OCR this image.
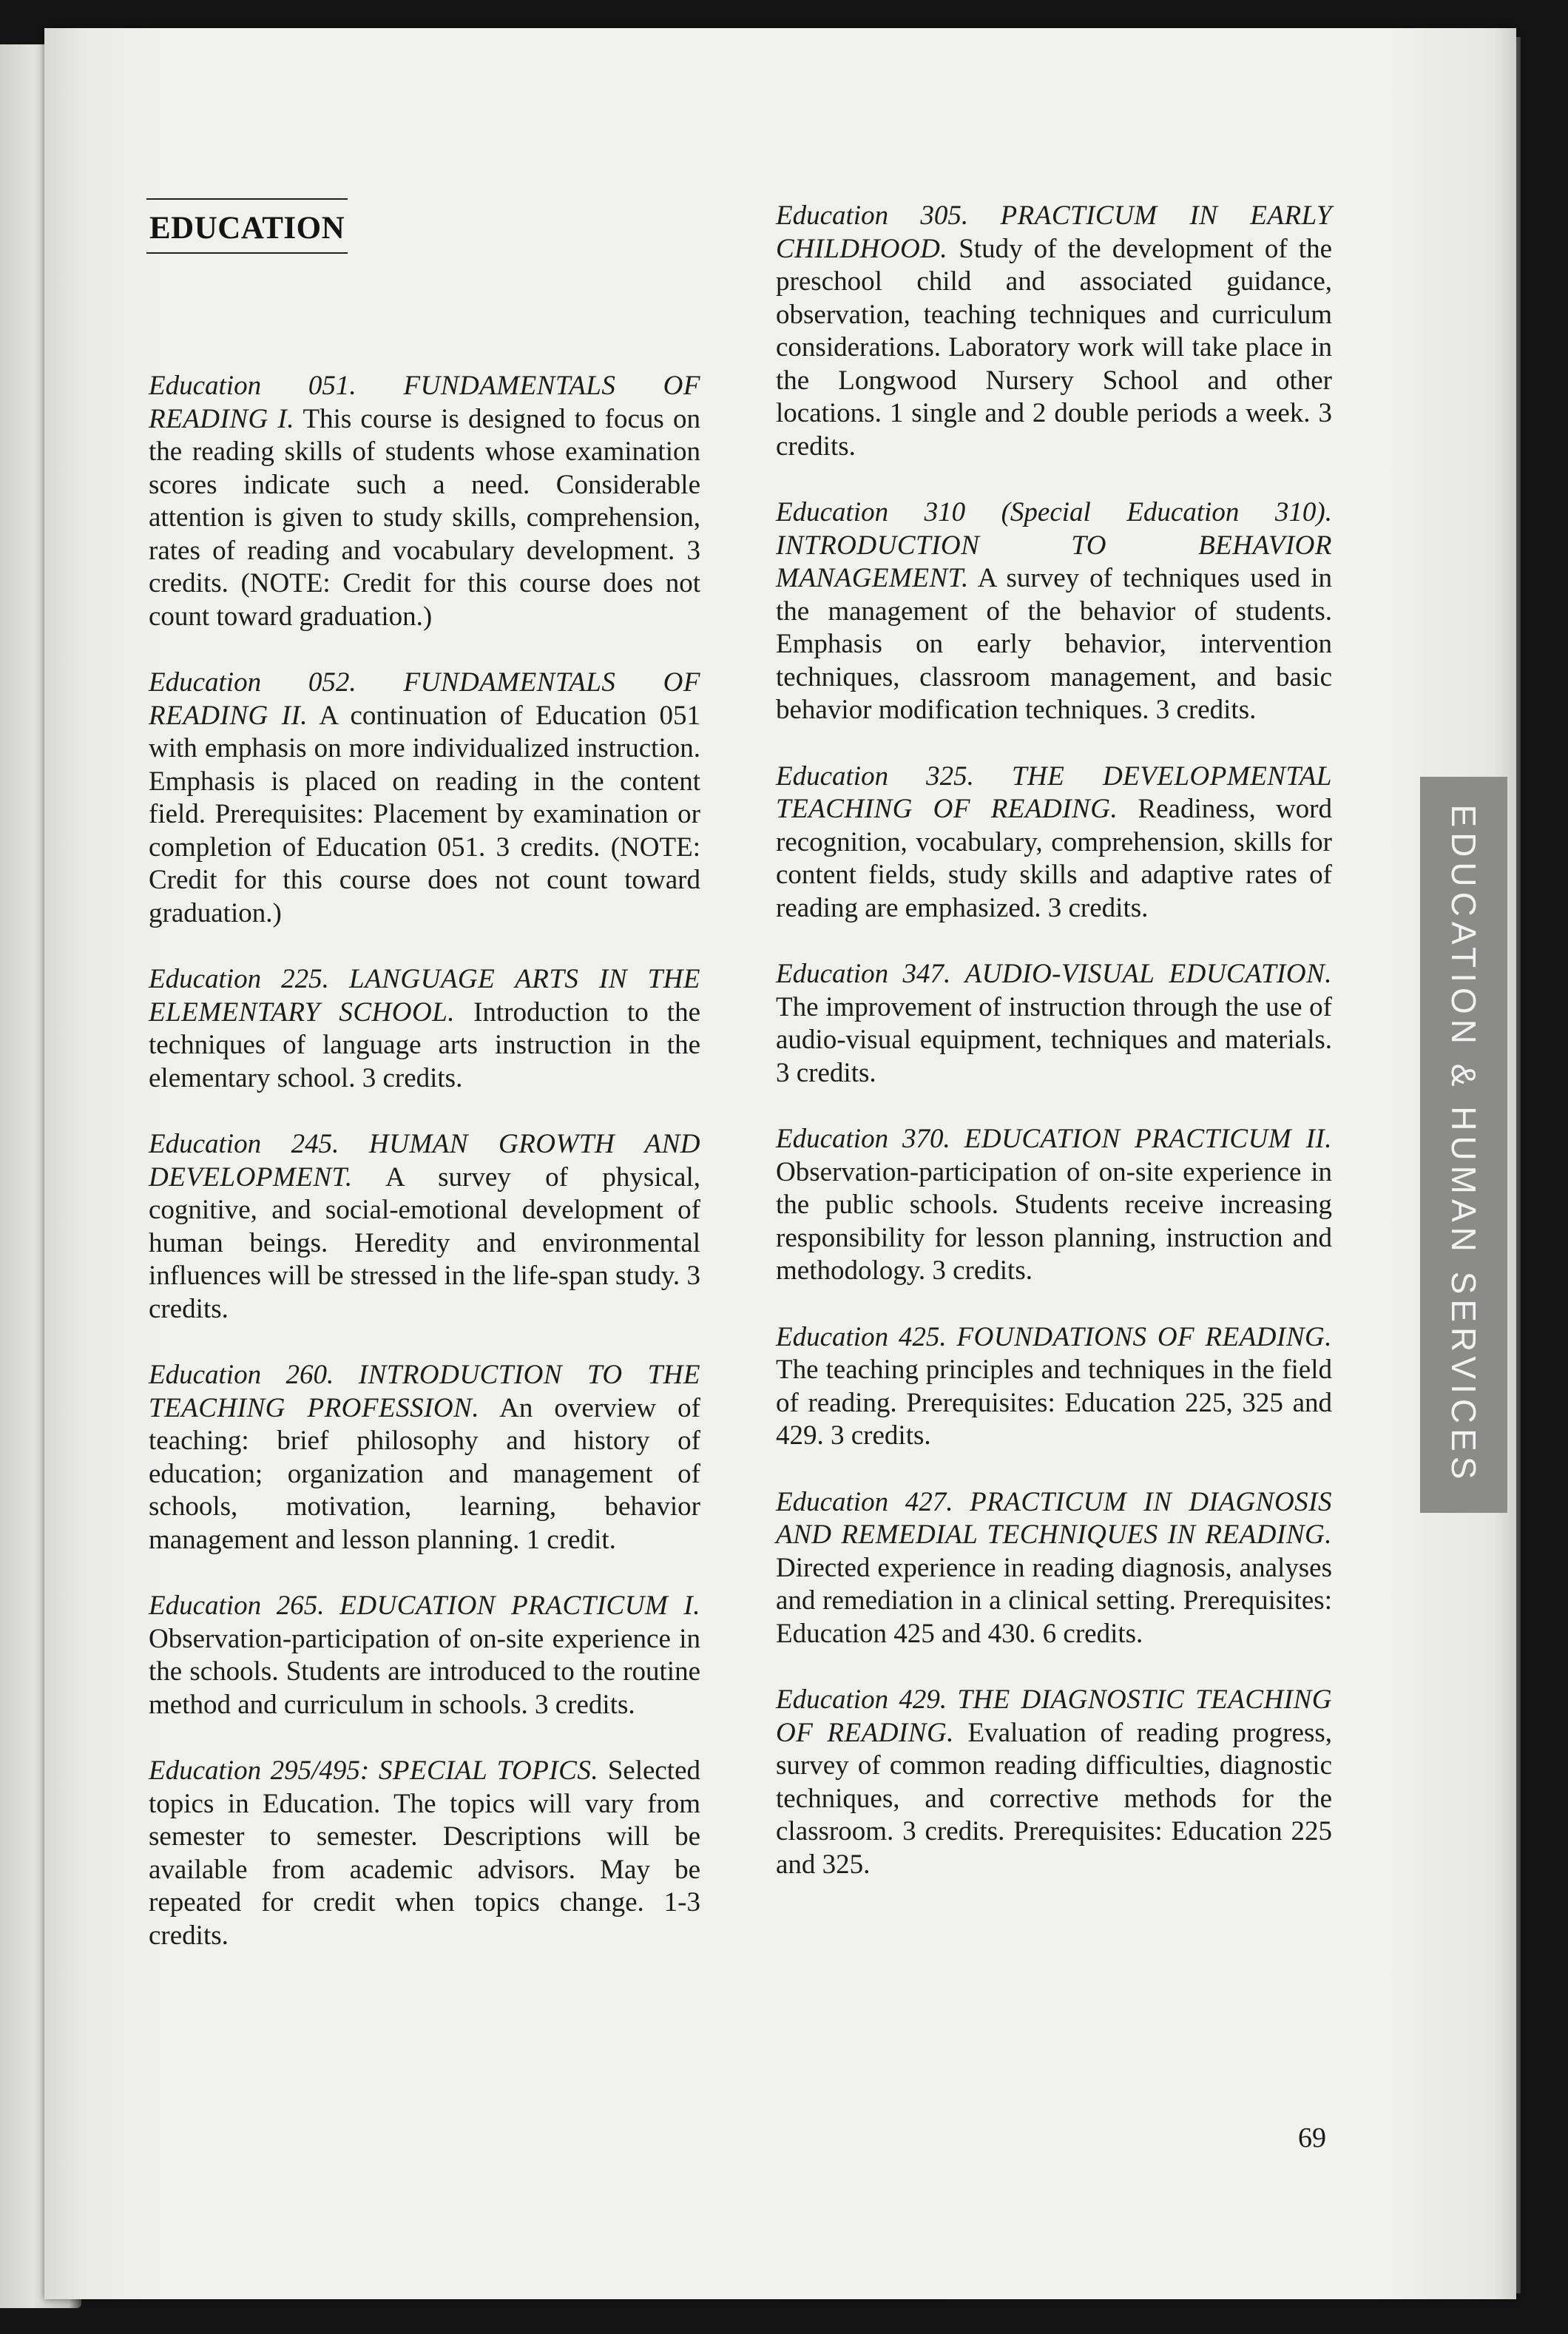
EDUCATION

Education 051. FUNDAMENTALS OF READING I. This course is designed to focus on the reading skills of students whose examination scores indicate such a need. Considerable attention is given to study skills, comprehension, rates of reading and vocabulary development. 3 credits. (NOTE: Credit for this course does not count toward graduation.)

Education 052. FUNDAMENTALS OF READING II. A continuation of Education 051 with emphasis on more individualized instruction. Emphasis is placed on reading in the content field. Prerequisites: Placement by examination or completion of Education 051. 3 credits. (NOTE: Credit for this course does not count toward graduation.)

Education 225. LANGUAGE ARTS IN THE ELEMENTARY SCHOOL. Introduction to the techniques of language arts instruction in the elementary school. 3 credits.

Education 245. HUMAN GROWTH AND DEVELOPMENT. A survey of physical, cognitive, and social-emotional development of human beings. Heredity and environmental influences will be stressed in the life-span study. 3 credits.

Education 260. INTRODUCTION TO THE TEACHING PROFESSION. An overview of teaching: brief philosophy and history of education; organization and management of schools, motivation, learning, behavior management and lesson planning. 1 credit.

Education 265. EDUCATION PRACTICUM I. Observation-participation of on-site experience in the schools. Students are introduced to the routine method and curriculum in schools. 3 credits.

Education 295/495: SPECIAL TOPICS. Selected topics in Education. The topics will vary from semester to semester. Descriptions will be available from academic advisors. May be repeated for credit when topics change. 1-3 credits.

Education 305. PRACTICUM IN EARLY CHILDHOOD. Study of the development of the preschool child and associated guidance, observation, teaching techniques and curriculum considerations. Laboratory work will take place in the Longwood Nursery School and other locations. 1 single and 2 double periods a week. 3 credits.

Education 310 (Special Education 310). INTRODUCTION TO BEHAVIOR MANAGEMENT. A survey of techniques used in the management of the behavior of students. Emphasis on early behavior, intervention techniques, classroom management, and basic behavior modification techniques. 3 credits.

Education 325. THE DEVELOPMENTAL TEACHING OF READING. Readiness, word recognition, vocabulary, comprehension, skills for content fields, study skills and adaptive rates of reading are emphasized. 3 credits.

Education 347. AUDIO-VISUAL EDUCATION. The improvement of instruction through the use of audio-visual equipment, techniques and materials. 3 credits.

Education 370. EDUCATION PRACTICUM II. Observation-participation of on-site experience in the public schools. Students receive increasing responsibility for lesson planning, instruction and methodology. 3 credits.

Education 425. FOUNDATIONS OF READING. The teaching principles and techniques in the field of reading. Prerequisites: Education 225, 325 and 429. 3 credits.

Education 427. PRACTICUM IN DIAGNOSIS AND REMEDIAL TECHNIQUES IN READING. Directed experience in reading diagnosis, analyses and remediation in a clinical setting. Prerequisites: Education 425 and 430. 6 credits.

Education 429. THE DIAGNOSTIC TEACHING OF READING. Evaluation of reading progress, survey of common reading difficulties, diagnostic techniques, and corrective methods for the classroom. 3 credits. Prerequisites: Education 225 and 325.

EDUCATION & HUMAN SERVICES
69
